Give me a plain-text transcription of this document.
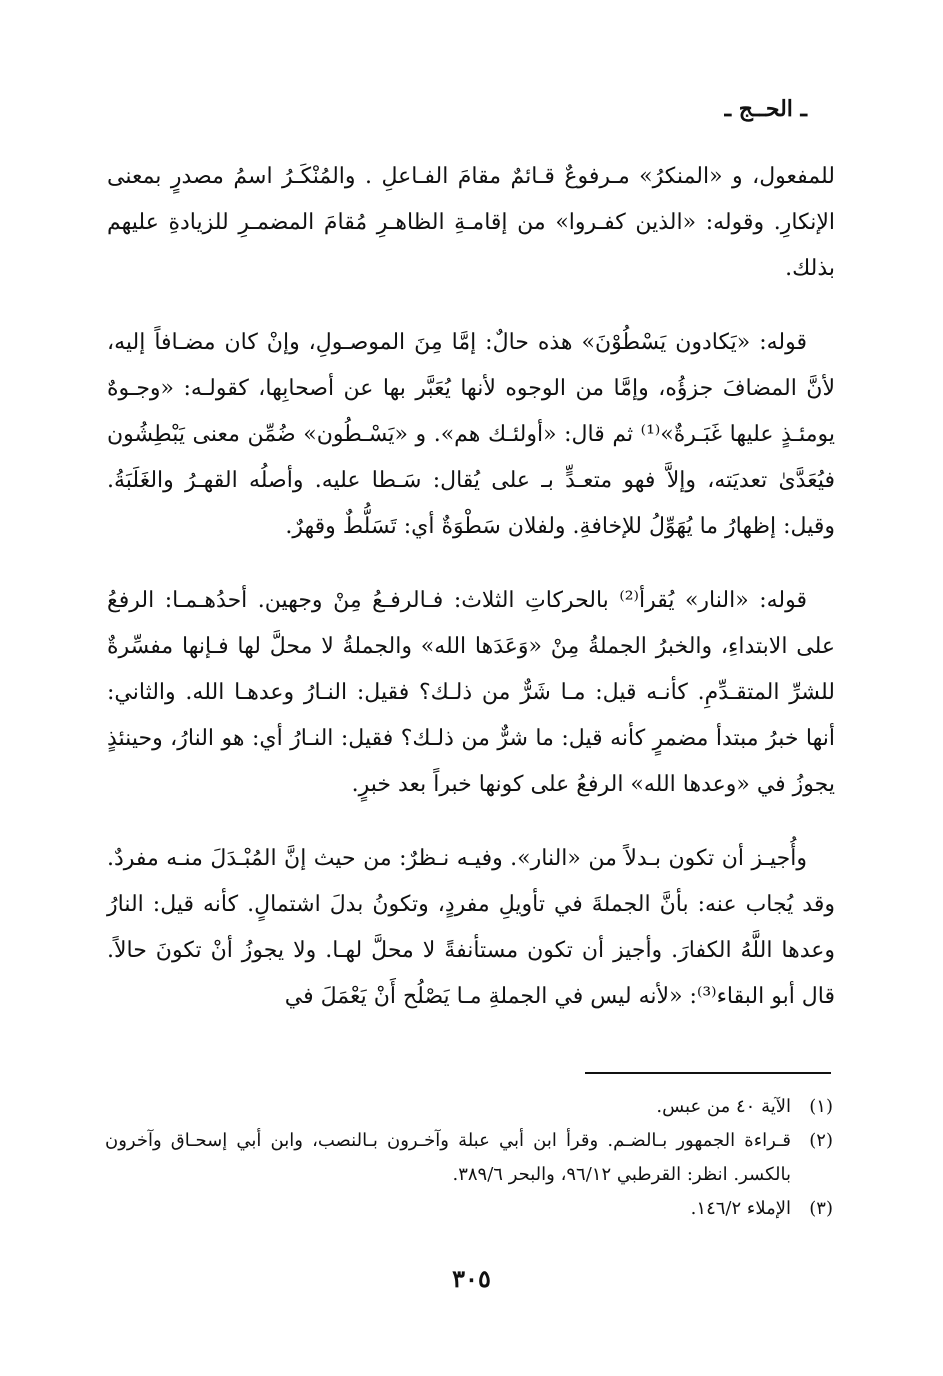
ـ الحــج ـ

للمفعول، و «المنكرُ» مـرفوعٌ قـائمٌ مقامَ الفـاعلِ . والمُنْكَـرُ اسمُ مصدرٍ بمعنى الإنكارِ. وقوله: «الذين كفـروا» من إقامـةِ الظاهـرِ مُقامَ المضمـرِ للزيادةِ عليهم بذلك.

قوله: «يَكادون يَسْطُوْنَ» هذه حالٌ: إمَّا مِنَ الموصـولِ، وإنْ كان مضـافاً إليه، لأنَّ المضافَ جزؤُه، وإمَّا من الوجوه لأنها يُعَبَّر بها عن أصحابِها، كقولـه: «وجـوهٌ يومئـذٍ عليها غَبَـرةٌ»⁽¹⁾ ثم قال: «أولئـك هم». و «يَسْـطُون» ضُمِّن معنى يَبْطِشُون فيُعَدَّىٰ تعديَته، وإلاَّ فهو متعـدٍّ بـ على يُقال: سَـطا عليه. وأصلُه القهـرُ والغَلَبَةُ. وقيل: إظهارُ ما يُهَوِّلُ للإخافةِ. ولفلان سَطْوَةٌ أي: تَسَلُّطٌ وقهرٌ.

قوله: «النار» يُقرأ⁽²⁾ بالحركاتِ الثلاث: فـالرفـعُ مِنْ وجهين. أحدُهـمـا: الرفعُ على الابتداءِ، والخبرُ الجملةُ مِنْ «وَعَدَها الله» والجملةُ لا محلَّ لها فـإنها مفسِّرةٌ للشرِّ المتقـدِّمِ. كأنـه قيل: مـا شَرٌّ من ذلـك؟ فقيل: النـارُ وعدهـا الله. والثاني: أنها خبرُ مبتدأ مضمرٍ كأنه قيل: ما شرٌّ من ذلـك؟ فقيل: النـارُ أي: هو النارُ، وحينئذٍ يجوزُ في «وعدها الله» الرفعُ على كونها خبراً بعد خبرٍ.

وأُجيـز أن تكون بـدلاً من «النار». وفيـه نـظرٌ: من حيث إنَّ المُبْـدَلَ منـه مفردٌ. وقد يُجاب عنه: بأنَّ الجملةَ في تأويلِ مفردٍ، وتكونُ بدلَ اشتمالٍ. كأنه قيل: النارُ وعدها اللَّهُ الكفارَ. وأجيز أن تكون مستأنفةً لا محلَّ لهـا. ولا يجوزُ أنْ تكونَ حالاً. قال أبو البقاء⁽³⁾: «لأنه ليس في الجملةِ مـا يَصْلُح أَنْ يَعْمَلَ في

(١)
الآية ٤٠ من عبس.
(٢)
قـراءة الجمهور بـالضـم. وقرأ ابن أبي عبلة وآخـرون بـالنصب، وابن أبي إسحـاق وآخرون بالكسر. انظر: القرطبي ٩٦/١٢، والبحر ٣٨٩/٦.
(٣)
الإملاء ١٤٦/٢.
٣٠٥
